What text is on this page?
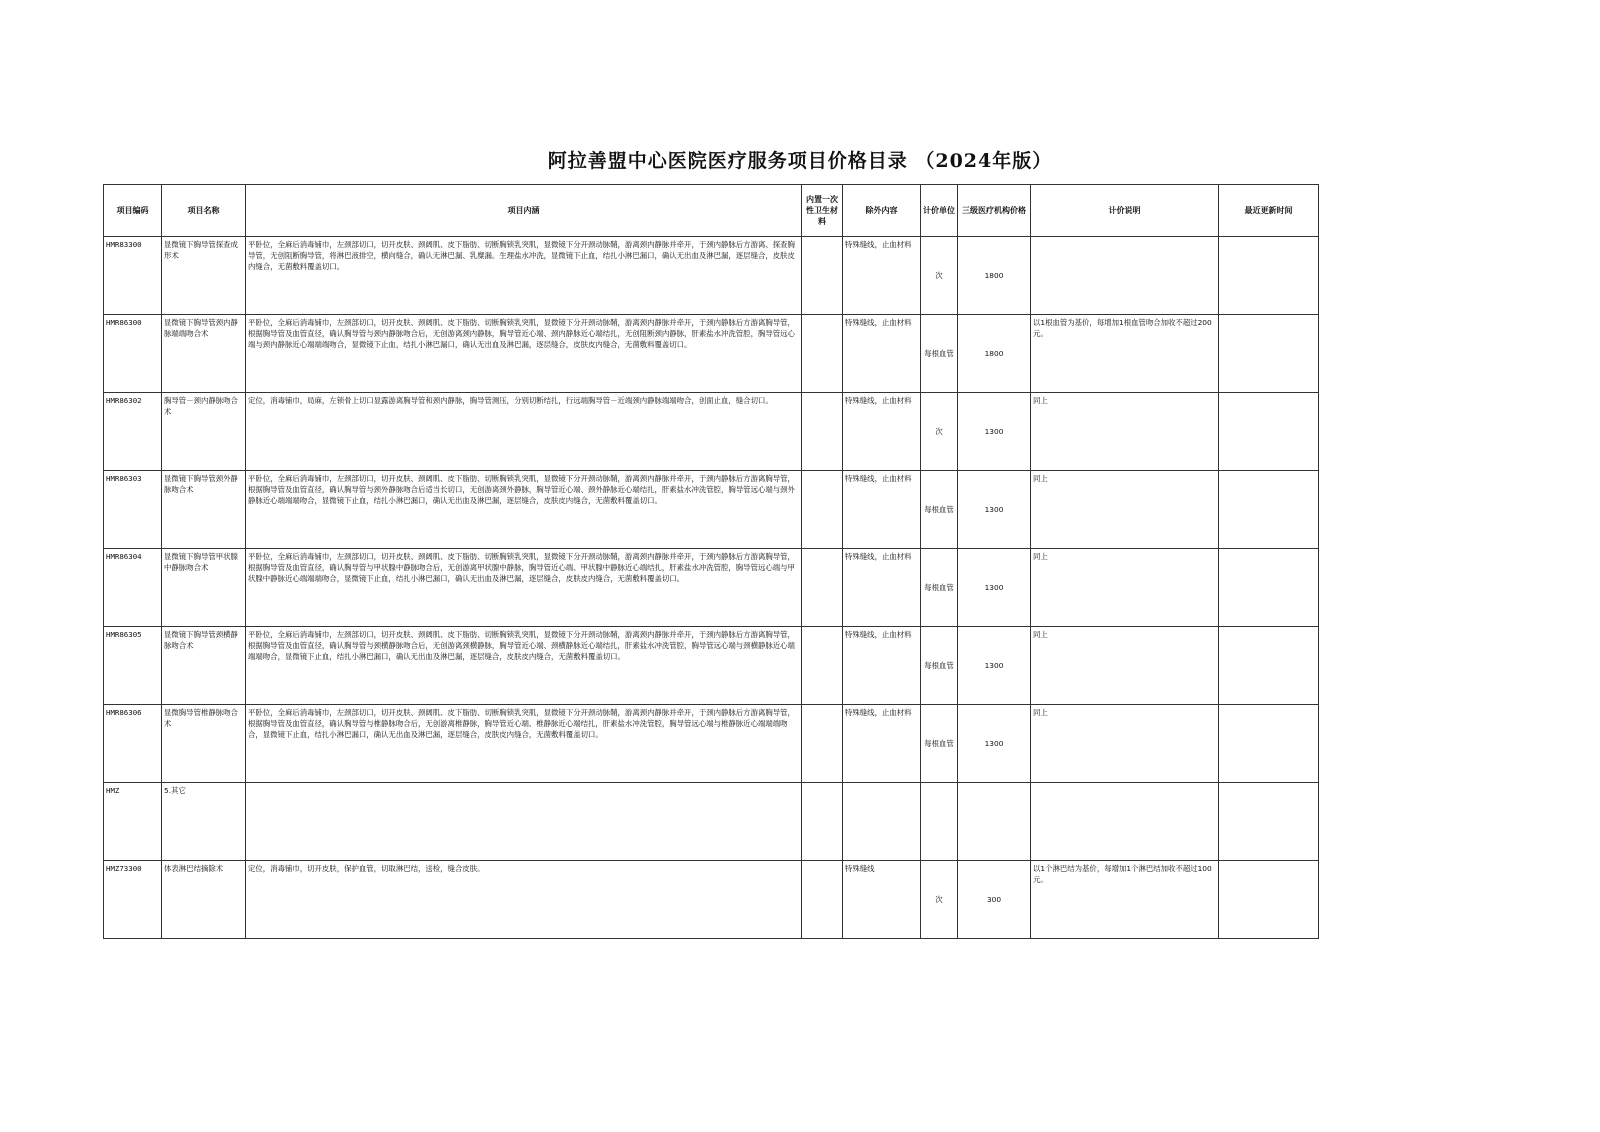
阿拉善盟中心医院医疗服务项目价格目录 （2024年版）
项目编码	项目名称	项目内涵	内置一次性卫生材料	除外内容	计价单位	三级医疗机构价格	计价说明	最近更新时间
HMR83300	显微镜下胸导管探查成形术	平卧位，全麻后消毒铺巾，左颈部切口，切开皮肤、颈阔肌、皮下脂肪、切断胸锁乳突肌，显微镜下分开颈动脉鞘，游离颈内静脉并牵开，于颈内静脉后方游离、探查胸导管，无创阻断胸导管，将淋巴液排空，横向缝合，确认无淋巴漏、乳糜漏。生理盐水冲洗，显微镜下止血，结扎小淋巴漏口，确认无出血及淋巴漏，逐层缝合，皮肤皮内缝合，无菌敷料覆盖切口。		特殊缝线，止血材料	次	1800		
HMR86300	显微镜下胸导管颈内静脉端端吻合术	平卧位，全麻后消毒铺巾，左颈部切口，切开皮肤、颈阔肌、皮下脂肪、切断胸锁乳突肌，显微镜下分开颈动脉鞘，游离颈内静脉并牵开，于颈内静脉后方游离胸导管，根据胸导管及血管直径，确认胸导管与颈内静脉吻合后，无创游离颈内静脉，胸导管近心端、颈内静脉近心端结扎，无创阻断颈内静脉，肝素盐水冲洗管腔，胸导管远心端与颈内静脉近心端端端吻合，显微镜下止血，结扎小淋巴漏口，确认无出血及淋巴漏，逐层缝合，皮肤皮内缝合，无菌敷料覆盖切口。		特殊缝线，止血材料	每根血管	1800	以1根血管为基价，每增加1根血管吻合加收不超过200元。	
HMR86302	胸导管－颈内静脉吻合术	定位，消毒铺巾，局麻，左锁骨上切口显露游离胸导管和颈内静脉，胸导管测压，分别切断结扎，行远端胸导管－近端颈内静脉端端吻合，创面止血，缝合切口。		特殊缝线，止血材料	次	1300	同上	
HMR86303	显微镜下胸导管颈外静脉吻合术	平卧位，全麻后消毒铺巾，左颈部切口，切开皮肤、颈阔肌、皮下脂肪、切断胸锁乳突肌，显微镜下分开颈动脉鞘，游离颈内静脉并牵开，于颈内静脉后方游离胸导管，根据胸导管及血管直径，确认胸导管与颈外静脉吻合后适当长切口，无创游离颈外静脉，胸导管近心端、颈外静脉近心端结扎，肝素盐水冲洗管腔，胸导管远心端与颈外静脉近心端端端吻合，显微镜下止血，结扎小淋巴漏口，确认无出血及淋巴漏，逐层缝合，皮肤皮内缝合，无菌敷料覆盖切口。		特殊缝线，止血材料	每根血管	1300	同上	
HMR86304	显微镜下胸导管甲状腺中静脉吻合术	平卧位，全麻后消毒铺巾，左颈部切口，切开皮肤、颈阔肌、皮下脂肪、切断胸锁乳突肌，显微镜下分开颈动脉鞘，游离颈内静脉并牵开，于颈内静脉后方游离胸导管，根据胸导管及血管直径，确认胸导管与甲状腺中静脉吻合后，无创游离甲状腺中静脉，胸导管近心端、甲状腺中静脉近心端结扎，肝素盐水冲洗管腔，胸导管远心端与甲状腺中静脉近心端端端吻合，显微镜下止血，结扎小淋巴漏口，确认无出血及淋巴漏，逐层缝合，皮肤皮内缝合，无菌敷料覆盖切口。		特殊缝线，止血材料	每根血管	1300	同上	
HMR86305	显微镜下胸导管颈横静脉吻合术	平卧位，全麻后消毒铺巾，左颈部切口，切开皮肤、颈阔肌、皮下脂肪、切断胸锁乳突肌，显微镜下分开颈动脉鞘，游离颈内静脉并牵开，于颈内静脉后方游离胸导管，根据胸导管及血管直径，确认胸导管与颈横静脉吻合后，无创游离颈横静脉，胸导管近心端、颈横静脉近心端结扎，肝素盐水冲洗管腔，胸导管远心端与颈横静脉近心端端端吻合，显微镜下止血，结扎小淋巴漏口，确认无出血及淋巴漏，逐层缝合，皮肤皮内缝合，无菌敷料覆盖切口。		特殊缝线，止血材料	每根血管	1300	同上	
HMR86306	显微胸导管椎静脉吻合术	平卧位，全麻后消毒铺巾，左颈部切口，切开皮肤、颈阔肌、皮下脂肪、切断胸锁乳突肌，显微镜下分开颈动脉鞘，游离颈内静脉并牵开，于颈内静脉后方游离胸导管，根据胸导管及血管直径，确认胸导管与椎静脉吻合后，无创游离椎静脉，胸导管近心端、椎静脉近心端结扎，肝素盐水冲洗管腔，胸导管远心端与椎静脉近心端端端吻合，显微镜下止血，结扎小淋巴漏口，确认无出血及淋巴漏，逐层缝合，皮肤皮内缝合，无菌敷料覆盖切口。		特殊缝线，止血材料	每根血管	1300	同上	
HMZ	5.其它							
HMZ73300	体表淋巴结摘除术	定位，消毒铺巾，切开皮肤，保护血管，切取淋巴结，送检，缝合皮肤。		特殊缝线	次	300	以1个淋巴结为基价，每增加1个淋巴结加收不超过100元。	
